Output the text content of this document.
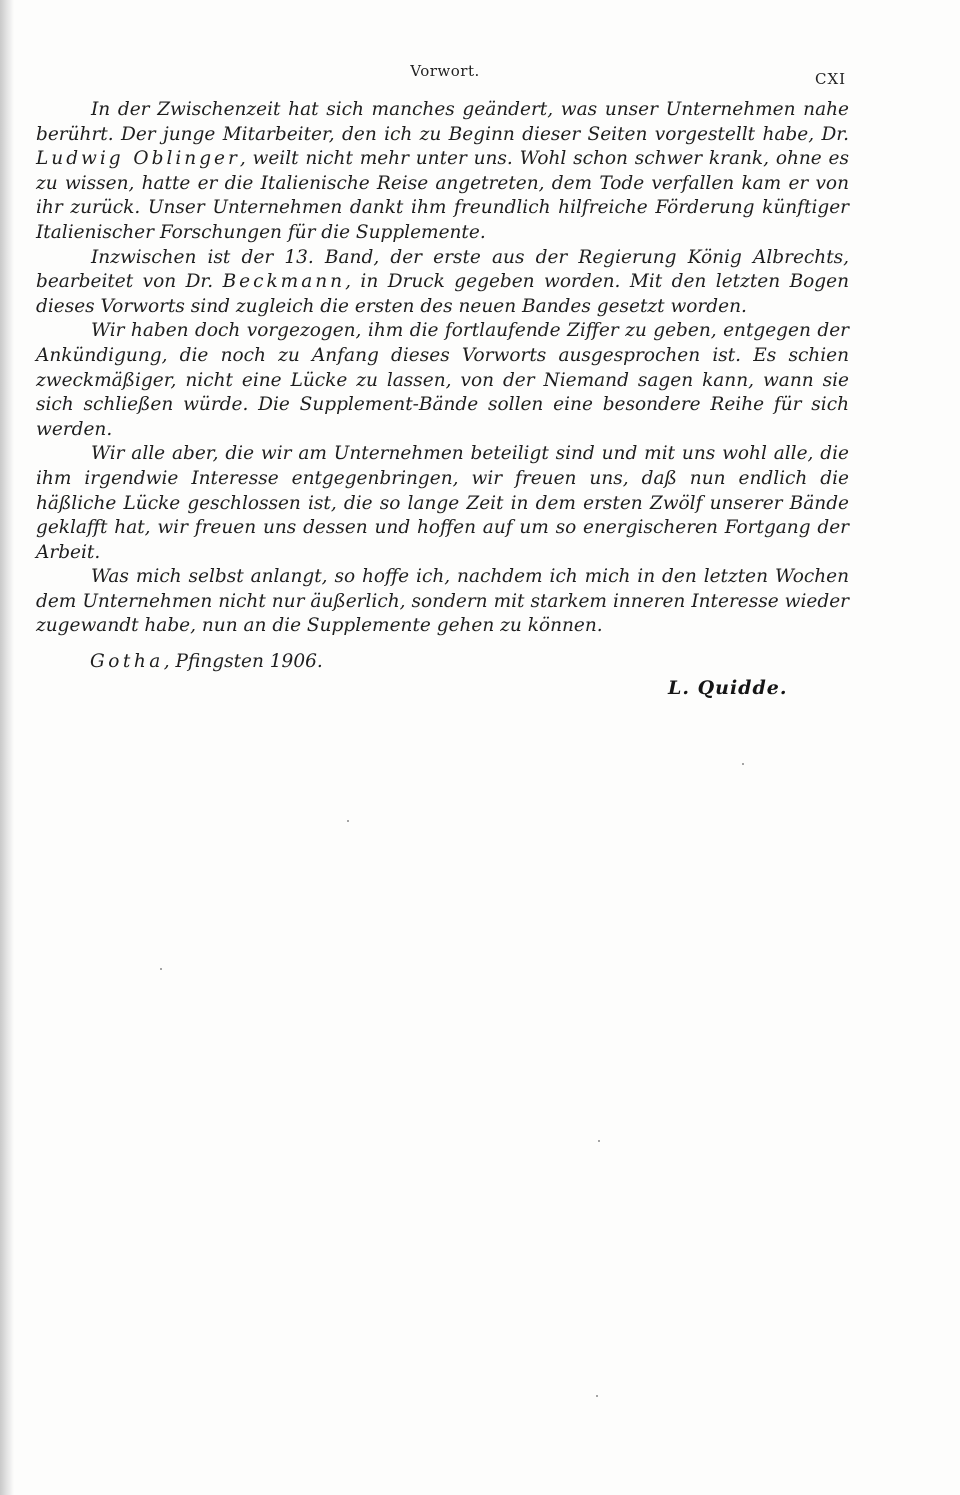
Vorwort.	CXI

In der Zwischenzeit hat sich manches geändert, was unser Unternehmen nahe berührt. Der junge Mitarbeiter, den ich zu Beginn dieser Seiten vorgestellt habe, Dr. Ludwig Oblinger, weilt nicht mehr unter uns. Wohl schon schwer krank, ohne es zu wissen, hatte er die Italienische Reise angetreten, dem Tode verfallen kam er von ihr zurück. Unser Unternehmen dankt ihm freundlich hilfreiche Förderung künftiger Italienischer Forschungen für die Supplemente.

Inzwischen ist der 13. Band, der erste aus der Regierung König Albrechts, bearbeitet von Dr. Beckmann, in Druck gegeben worden. Mit den letzten Bogen dieses Vorworts sind zugleich die ersten des neuen Bandes gesetzt worden.

Wir haben doch vorgezogen, ihm die fortlaufende Ziffer zu geben, entgegen der Ankündigung, die noch zu Anfang dieses Vorworts ausgesprochen ist. Es schien zweckmäßiger, nicht eine Lücke zu lassen, von der Niemand sagen kann, wann sie sich schließen würde. Die Supplement-Bände sollen eine besondere Reihe für sich werden.

Wir alle aber, die wir am Unternehmen beteiligt sind und mit uns wohl alle, die ihm irgendwie Interesse entgegenbringen, wir freuen uns, daß nun endlich die häßliche Lücke geschlossen ist, die so lange Zeit in dem ersten Zwölf unserer Bände geklafft hat, wir freuen uns dessen und hoffen auf um so energischeren Fortgang der Arbeit.

Was mich selbst anlangt, so hoffe ich, nachdem ich mich in den letzten Wochen dem Unternehmen nicht nur äußerlich, sondern mit starkem inneren Interesse wieder zugewandt habe, nun an die Supplemente gehen zu können.

Gotha, Pfingsten 1906.
L. Quidde.
